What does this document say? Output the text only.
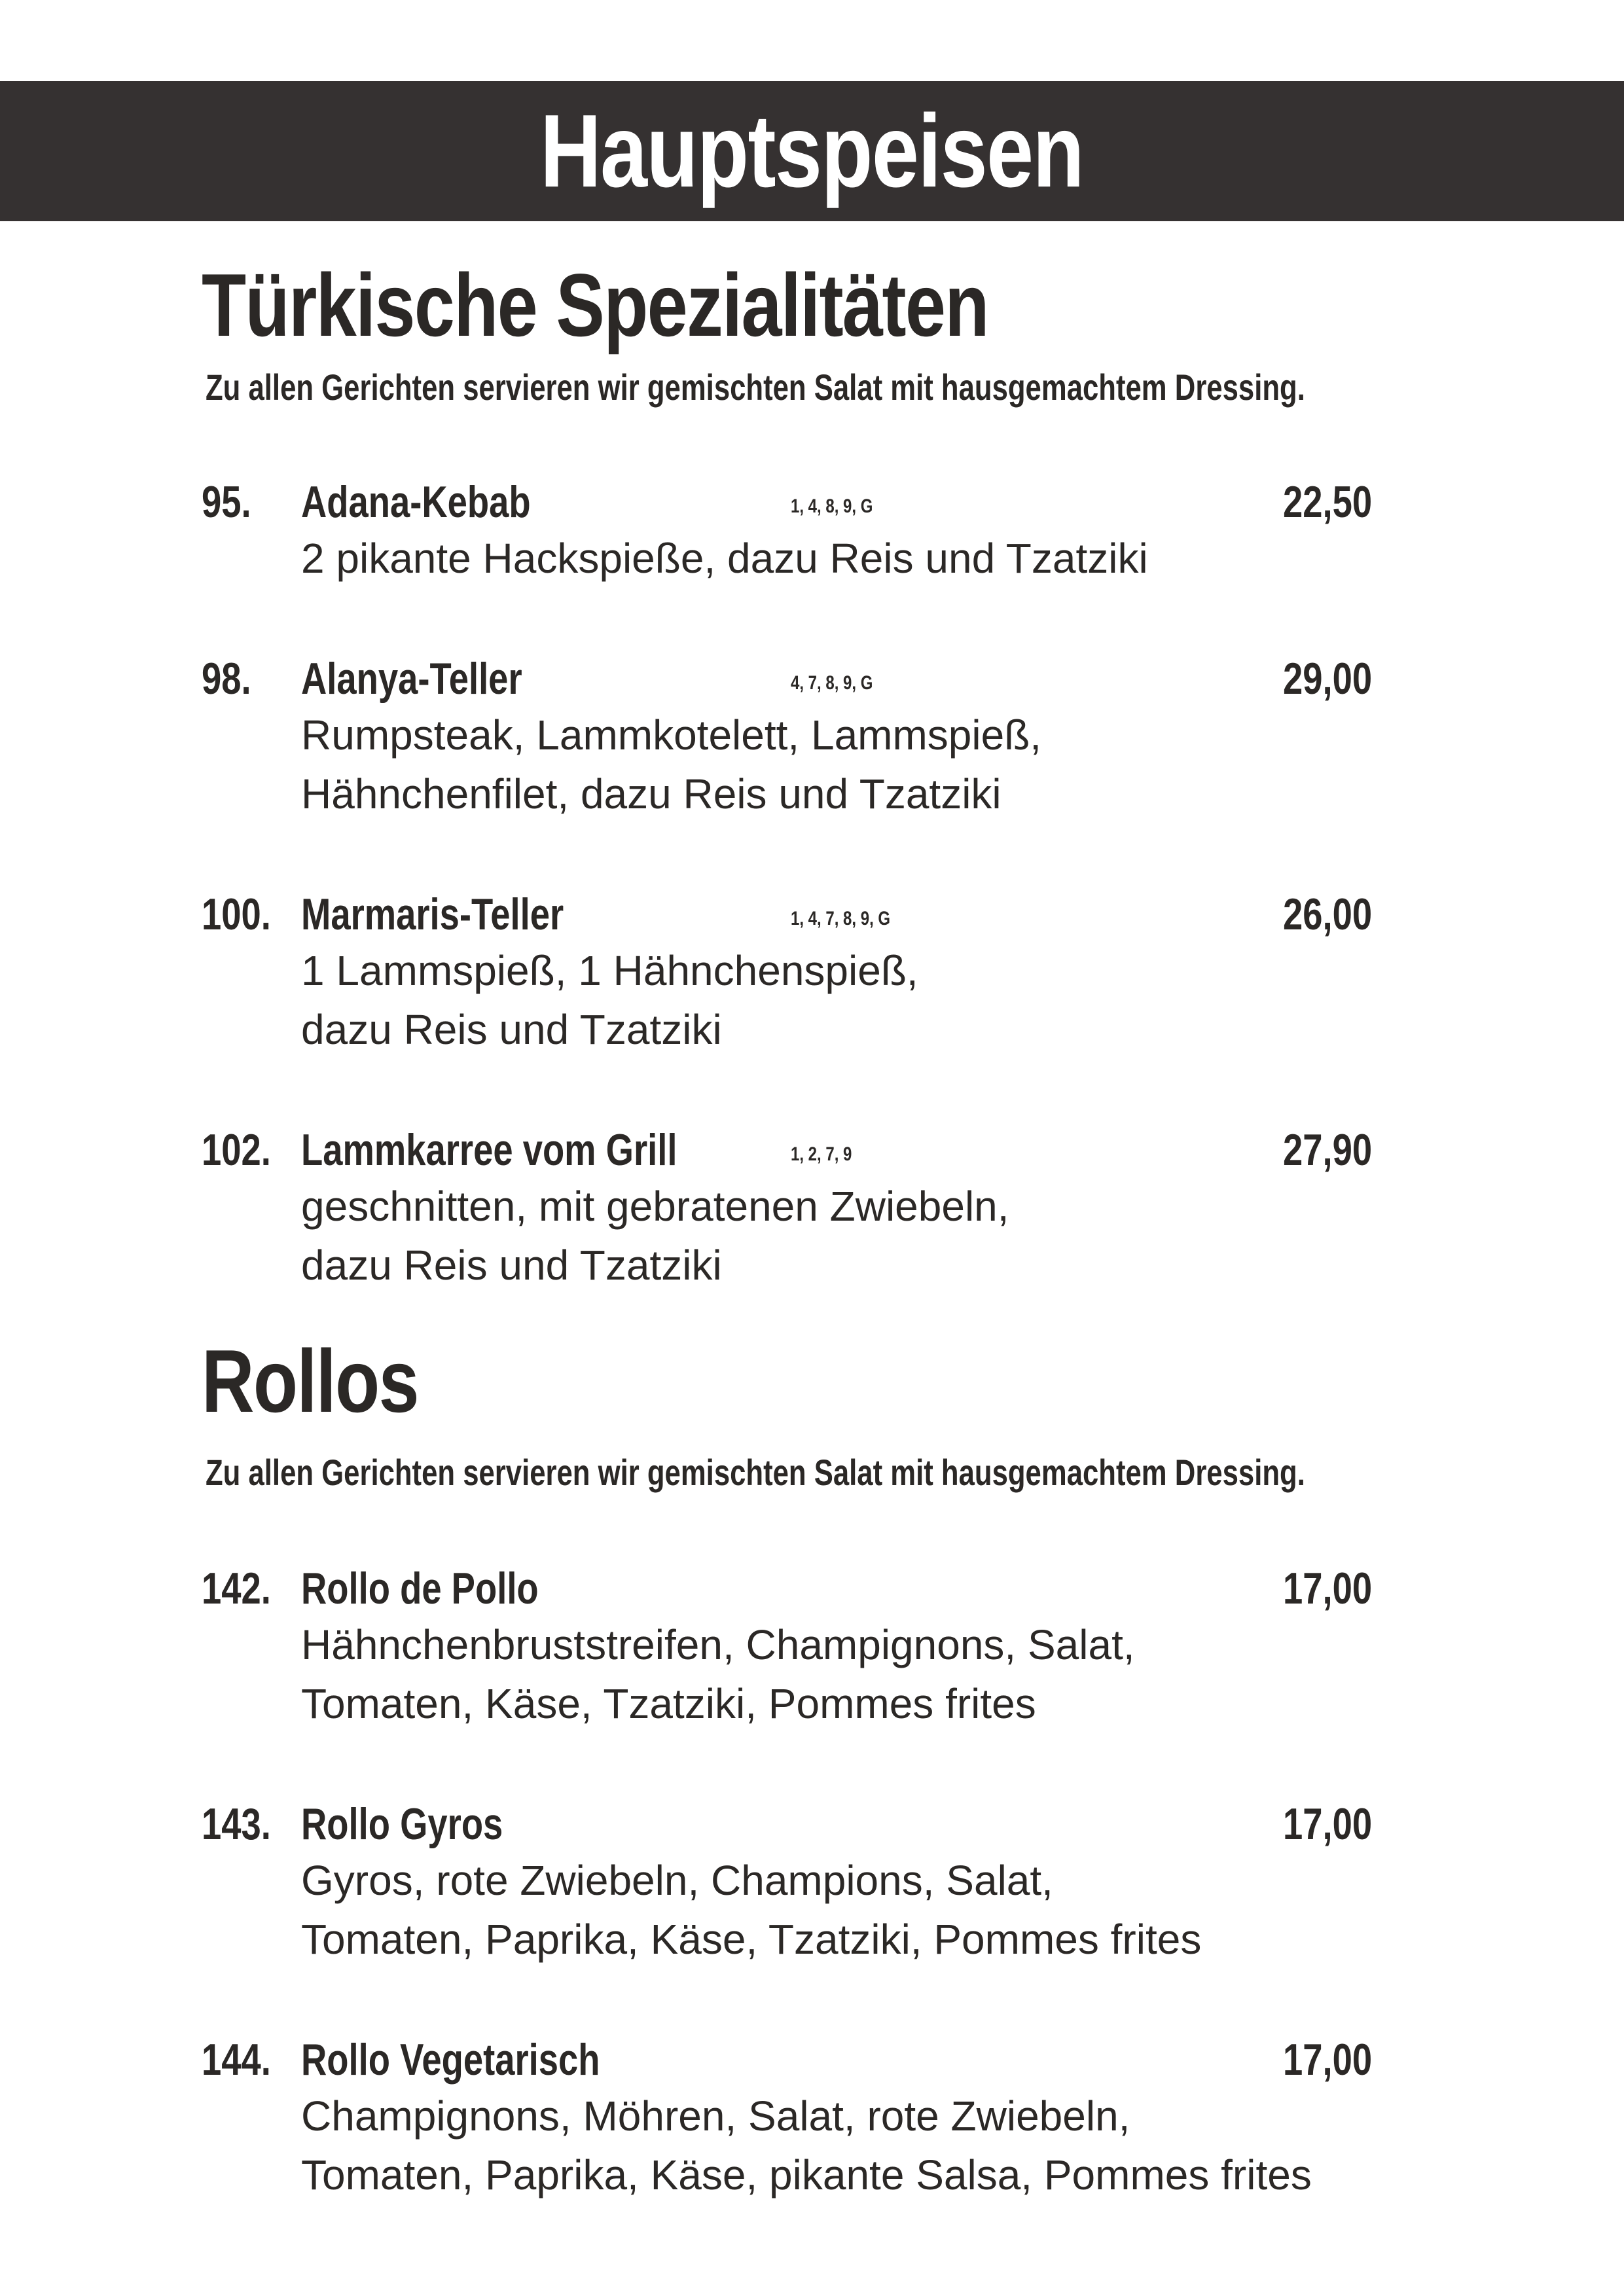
Hauptspeisen
Türkische Spezialitäten
Zu allen Gerichten servieren wir gemischten Salat mit hausgemachtem Dressing.
95. Adana-Kebab	1, 4, 8, 9, G	22,50
2 pikante Hackspieße, dazu Reis und Tzatziki
98. Alanya-Teller	4, 7, 8, 9, G	29,00
Rumpsteak, Lammkotelett, Lammspieß,
Hähnchenfilet, dazu Reis und Tzatziki
100. Marmaris-Teller	1, 4, 7, 8, 9, G	26,00
1 Lammspieß, 1 Hähnchenspieß,
dazu Reis und Tzatziki
102. Lammkarree vom Grill	1, 2, 7, 9	27,90
geschnitten, mit gebratenen Zwiebeln,
dazu Reis und Tzatziki
Rollos
Zu allen Gerichten servieren wir gemischten Salat mit hausgemachtem Dressing.
142. Rollo de Pollo	17,00
Hähnchenbruststreifen, Champignons, Salat,
Tomaten, Käse, Tzatziki, Pommes frites
143. Rollo Gyros	17,00
Gyros, rote Zwiebeln, Champions, Salat,
Tomaten, Paprika, Käse, Tzatziki, Pommes frites
144. Rollo Vegetarisch	17,00
Champignons, Möhren, Salat, rote Zwiebeln,
Tomaten, Paprika, Käse, pikante Salsa, Pommes frites
